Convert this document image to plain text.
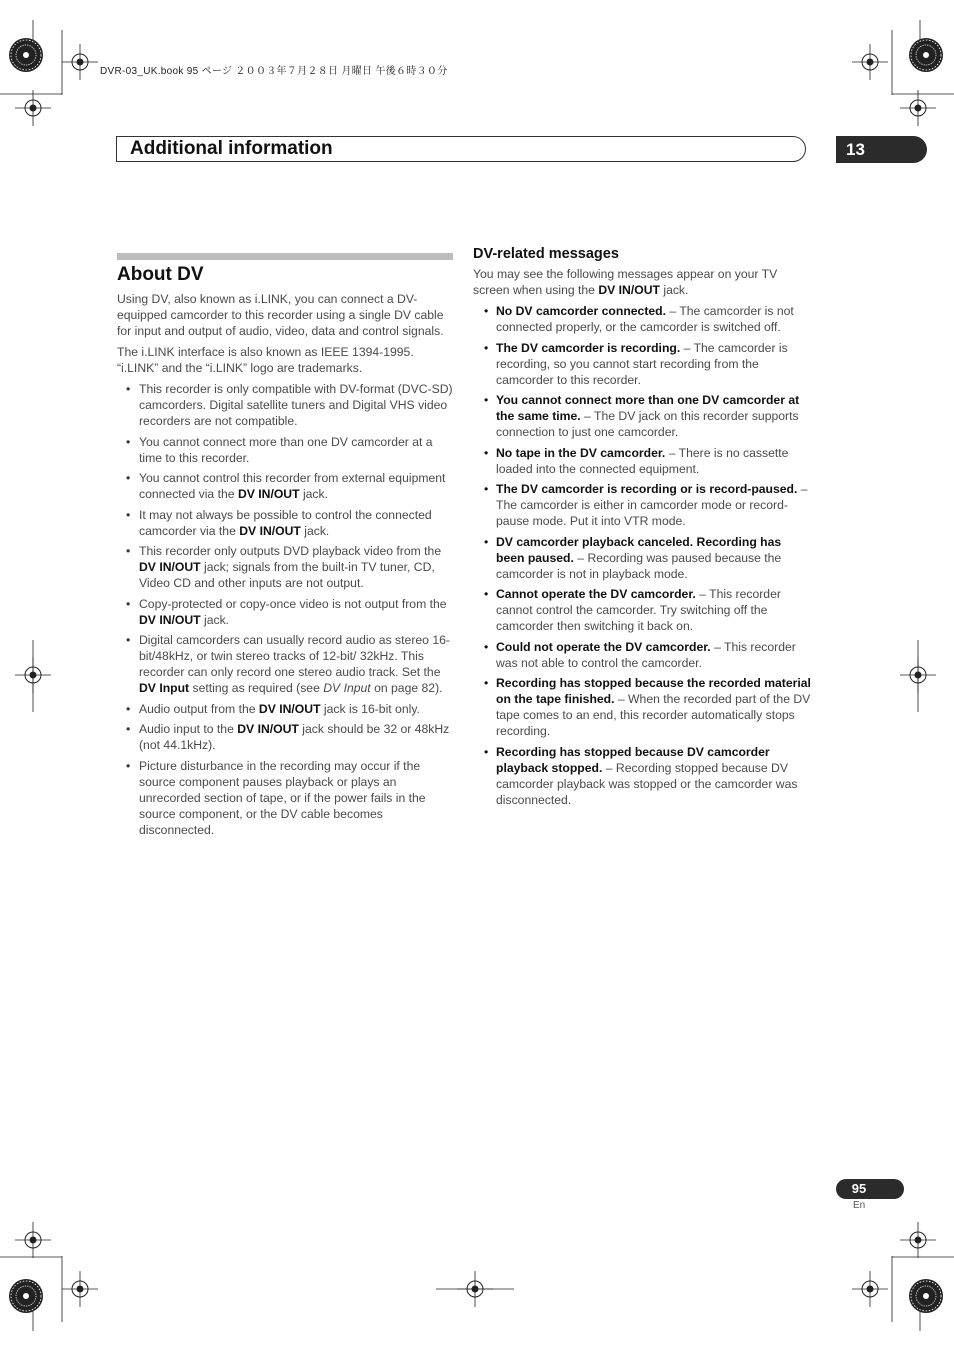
DVR-03_UK.book 95 ページ ２００３年７月２８日 月曜日 午後６時３０分
Additional information	13
About DV

Using DV, also known as i.LINK, you can connect a DV-equipped camcorder to this recorder using a single DV cable for input and output of audio, video, data and control signals.

The i.LINK interface is also known as IEEE 1394-1995. “i.LINK” and the “i.LINK” logo are trademarks.

• This recorder is only compatible with DV-format (DVC-SD) camcorders. Digital satellite tuners and Digital VHS video recorders are not compatible.
• You cannot connect more than one DV camcorder at a time to this recorder.
• You cannot control this recorder from external equipment connected via the DV IN/OUT jack.
• It may not always be possible to control the connected camcorder via the DV IN/OUT jack.
• This recorder only outputs DVD playback video from the DV IN/OUT jack; signals from the built-in TV tuner, CD, Video CD and other inputs are not output.
• Copy-protected or copy-once video is not output from the DV IN/OUT jack.
• Digital camcorders can usually record audio as stereo 16-bit/48kHz, or twin stereo tracks of 12-bit/ 32kHz. This recorder can only record one stereo audio track. Set the DV Input setting as required (see DV Input on page 82).
• Audio output from the DV IN/OUT jack is 16-bit only.
• Audio input to the DV IN/OUT jack should be 32 or 48kHz (not 44.1kHz).
• Picture disturbance in the recording may occur if the source component pauses playback or plays an unrecorded section of tape, or if the power fails in the source component, or the DV cable becomes disconnected.
DV-related messages

You may see the following messages appear on your TV screen when using the DV IN/OUT jack.

• No DV camcorder connected. – The camcorder is not connected properly, or the camcorder is switched off.
• The DV camcorder is recording. – The camcorder is recording, so you cannot start recording from the camcorder to this recorder.
• You cannot connect more than one DV camcorder at the same time. – The DV jack on this recorder supports connection to just one camcorder.
• No tape in the DV camcorder. – There is no cassette loaded into the connected equipment.
• The DV camcorder is recording or is record-paused. – The camcorder is either in camcorder mode or record-pause mode. Put it into VTR mode.
• DV camcorder playback canceled. Recording has been paused. – Recording was paused because the camcorder is not in playback mode.
• Cannot operate the DV camcorder. – This recorder cannot control the camcorder. Try switching off the camcorder then switching it back on.
• Could not operate the DV camcorder. – This recorder was not able to control the camcorder.
• Recording has stopped because the recorded material on the tape finished. – When the recorded part of the DV tape comes to an end, this recorder automatically stops recording.
• Recording has stopped because DV camcorder playback stopped. – Recording stopped because DV camcorder playback was stopped or the camcorder was disconnected.
95
En
